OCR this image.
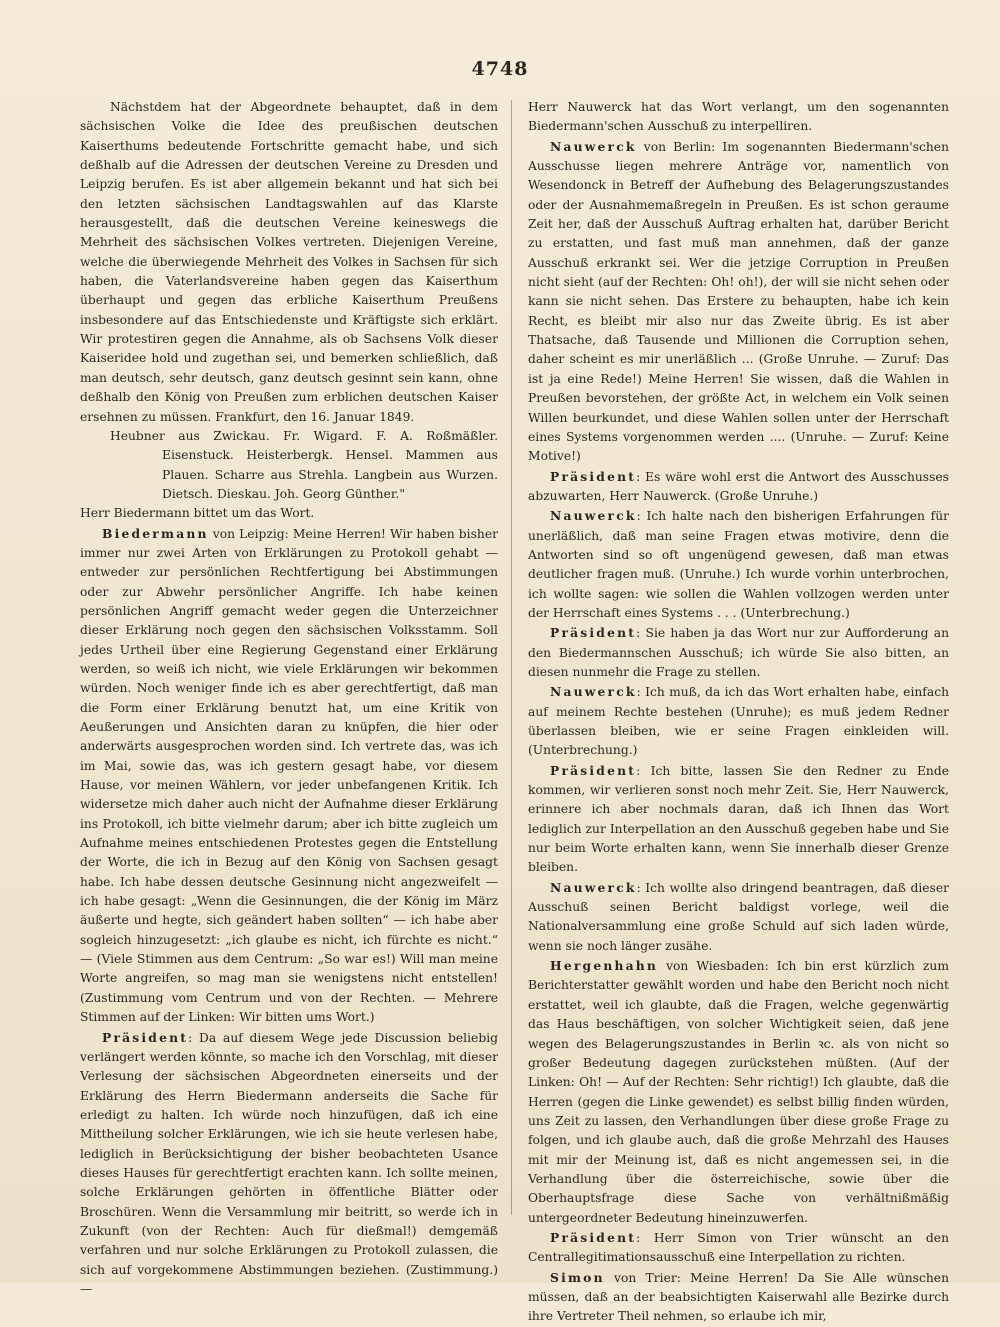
4748

Nächstdem hat der Abgeordnete behauptet, daß in dem sächsischen Volke die Idee des preußischen deutschen Kaiserthums bedeutende Fortschritte gemacht habe, und sich deßhalb auf die Adressen der deutschen Vereine zu Dresden und Leipzig berufen. Es ist aber allgemein bekannt und hat sich bei den letzten sächsischen Landtagswahlen auf das Klarste herausgestellt, daß die deutschen Vereine keineswegs die Mehrheit des sächsischen Volkes vertreten. Diejenigen Vereine, welche die überwiegende Mehrheit des Volkes in Sachsen für sich haben, die Vaterlandsvereine haben gegen das Kaiserthum überhaupt und gegen das erbliche Kaiserthum Preußens insbesondere auf das Entschiedenste und Kräftigste sich erklärt. Wir protestiren gegen die Annahme, als ob Sachsens Volk dieser Kaiseridee hold und zugethan sei, und bemerken schließlich, daß man deutsch, sehr deutsch, ganz deutsch gesinnt sein kann, ohne deßhalb den König von Preußen zum erblichen deutschen Kaiser ersehnen zu müssen. Frankfurt, den 16. Januar 1849.

Heubner aus Zwickau. Fr. Wigard. F. A. Roßmäßler. Eisenstuck. Heisterbergk. Hensel. Mammen aus Plauen. Scharre aus Strehla. Langbein aus Wurzen. Dietsch. Dieskau. Joh. Georg Günther."

Herr Biedermann bittet um das Wort.

Biedermann von Leipzig: Meine Herren! Wir haben bisher immer nur zwei Arten von Erklärungen zu Protokoll gehabt — entweder zur persönlichen Rechtfertigung bei Abstimmungen oder zur Abwehr persönlicher Angriffe. Ich habe keinen persönlichen Angriff gemacht weder gegen die Unterzeichner dieser Erklärung noch gegen den sächsischen Volksstamm. Soll jedes Urtheil über eine Regierung Gegenstand einer Erklärung werden, so weiß ich nicht, wie viele Erklärungen wir bekommen würden. Noch weniger finde ich es aber gerechtfertigt, daß man die Form einer Erklärung benutzt hat, um eine Kritik von Aeußerungen und Ansichten daran zu knüpfen, die hier oder anderwärts ausgesprochen worden sind. Ich vertrete das, was ich im Mai, sowie das, was ich gestern gesagt habe, vor diesem Hause, vor meinen Wählern, vor jeder unbefangenen Kritik. Ich widersetze mich daher auch nicht der Aufnahme dieser Erklärung ins Protokoll, ich bitte vielmehr darum; aber ich bitte zugleich um Aufnahme meines entschiedenen Protestes gegen die Entstellung der Worte, die ich in Bezug auf den König von Sachsen gesagt habe. Ich habe dessen deutsche Gesinnung nicht angezweifelt — ich habe gesagt: „Wenn die Gesinnungen, die der König im März äußerte und hegte, sich geändert haben sollten“ — ich habe aber sogleich hinzugesetzt: „ich glaube es nicht, ich fürchte es nicht.“ — (Viele Stimmen aus dem Centrum: „So war es!) Will man meine Worte angreifen, so mag man sie wenigstens nicht entstellen! (Zustimmung vom Centrum und von der Rechten. — Mehrere Stimmen auf der Linken: Wir bitten ums Wort.)

Präsident: Da auf diesem Wege jede Discussion beliebig verlängert werden könnte, so mache ich den Vorschlag, mit dieser Verlesung der sächsischen Abgeordneten einerseits und der Erklärung des Herrn Biedermann anderseits die Sache für erledigt zu halten. Ich würde noch hinzufügen, daß ich eine Mittheilung solcher Erklärungen, wie ich sie heute verlesen habe, lediglich in Berücksichtigung der bisher beobachteten Usance dieses Hauses für gerechtfertigt erachten kann. Ich sollte meinen, solche Erklärungen gehörten in öffentliche Blätter oder Broschüren. Wenn die Versammlung mir beitritt, so werde ich in Zukunft (von der Rechten: Auch für dießmal!) demgemäß verfahren und nur solche Erklärungen zu Protokoll zulassen, die sich auf vorgekommene Abstimmungen beziehen. (Zustimmung.)—

Herr Nauwerck hat das Wort verlangt, um den sogenannten Biedermann'schen Ausschuß zu interpelliren.

Nauwerck von Berlin: Im sogenannten Biedermann'schen Ausschusse liegen mehrere Anträge vor, namentlich von Wesendonck in Betreff der Aufhebung des Belagerungszustandes oder der Ausnahmemaßregeln in Preußen. Es ist schon geraume Zeit her, daß der Ausschuß Auftrag erhalten hat, darüber Bericht zu erstatten, und fast muß man annehmen, daß der ganze Ausschuß erkrankt sei. Wer die jetzige Corruption in Preußen nicht sieht (auf der Rechten: Oh! oh!), der will sie nicht sehen oder kann sie nicht sehen. Das Erstere zu behaupten, habe ich kein Recht, es bleibt mir also nur das Zweite übrig. Es ist aber Thatsache, daß Tausende und Millionen die Corruption sehen, daher scheint es mir unerläßlich ... (Große Unruhe. — Zuruf: Das ist ja eine Rede!) Meine Herren! Sie wissen, daß die Wahlen in Preußen bevorstehen, der größte Act, in welchem ein Volk seinen Willen beurkundet, und diese Wahlen sollen unter der Herrschaft eines Systems vorgenommen werden .... (Unruhe. — Zuruf: Keine Motive!)

Präsident: Es wäre wohl erst die Antwort des Ausschusses abzuwarten, Herr Nauwerck. (Große Unruhe.)

Nauwerck: Ich halte nach den bisherigen Erfahrungen für unerläßlich, daß man seine Fragen etwas motivire, denn die Antworten sind so oft ungenügend gewesen, daß man etwas deutlicher fragen muß. (Unruhe.) Ich wurde vorhin unterbrochen, ich wollte sagen: wie sollen die Wahlen vollzogen werden unter der Herrschaft eines Systems . . . (Unterbrechung.)

Präsident: Sie haben ja das Wort nur zur Aufforderung an den Biedermannschen Ausschuß; ich würde Sie also bitten, an diesen nunmehr die Frage zu stellen.

Nauwerck: Ich muß, da ich das Wort erhalten habe, einfach auf meinem Rechte bestehen (Unruhe); es muß jedem Redner überlassen bleiben, wie er seine Fragen einkleiden will. (Unterbrechung.)

Präsident: Ich bitte, lassen Sie den Redner zu Ende kommen, wir verlieren sonst noch mehr Zeit. Sie, Herr Nauwerck, erinnere ich aber nochmals daran, daß ich Ihnen das Wort lediglich zur Interpellation an den Ausschuß gegeben habe und Sie nur beim Worte erhalten kann, wenn Sie innerhalb dieser Grenze bleiben.

Nauwerck: Ich wollte also dringend beantragen, daß dieser Ausschuß seinen Bericht baldigst vorlege, weil die Nationalversammlung eine große Schuld auf sich laden würde, wenn sie noch länger zusähe.

Hergenhahn von Wiesbaden: Ich bin erst kürzlich zum Berichterstatter gewählt worden und habe den Bericht noch nicht erstattet, weil ich glaubte, daß die Fragen, welche gegenwärtig das Haus beschäftigen, von solcher Wichtigkeit seien, daß jene wegen des Belagerungszustandes in Berlin ꝛc. als von nicht so großer Bedeutung dagegen zurückstehen müßten. (Auf der Linken: Oh! — Auf der Rechten: Sehr richtig!) Ich glaubte, daß die Herren (gegen die Linke gewendet) es selbst billig finden würden, uns Zeit zu lassen, den Verhandlungen über diese große Frage zu folgen, und ich glaube auch, daß die große Mehrzahl des Hauses mit mir der Meinung ist, daß es nicht angemessen sei, in die Verhandlung über die österreichische, sowie über die Oberhauptsfrage diese Sache von verhältnißmäßig untergeordneter Bedeutung hineinzuwerfen.

Präsident: Herr Simon von Trier wünscht an den Centrallegitimationsausschuß eine Interpellation zu richten.

Simon von Trier: Meine Herren! Da Sie Alle wünschen müssen, daß an der beabsichtigten Kaiserwahl alle Bezirke durch ihre Vertreter Theil nehmen, so erlaube ich mir,
